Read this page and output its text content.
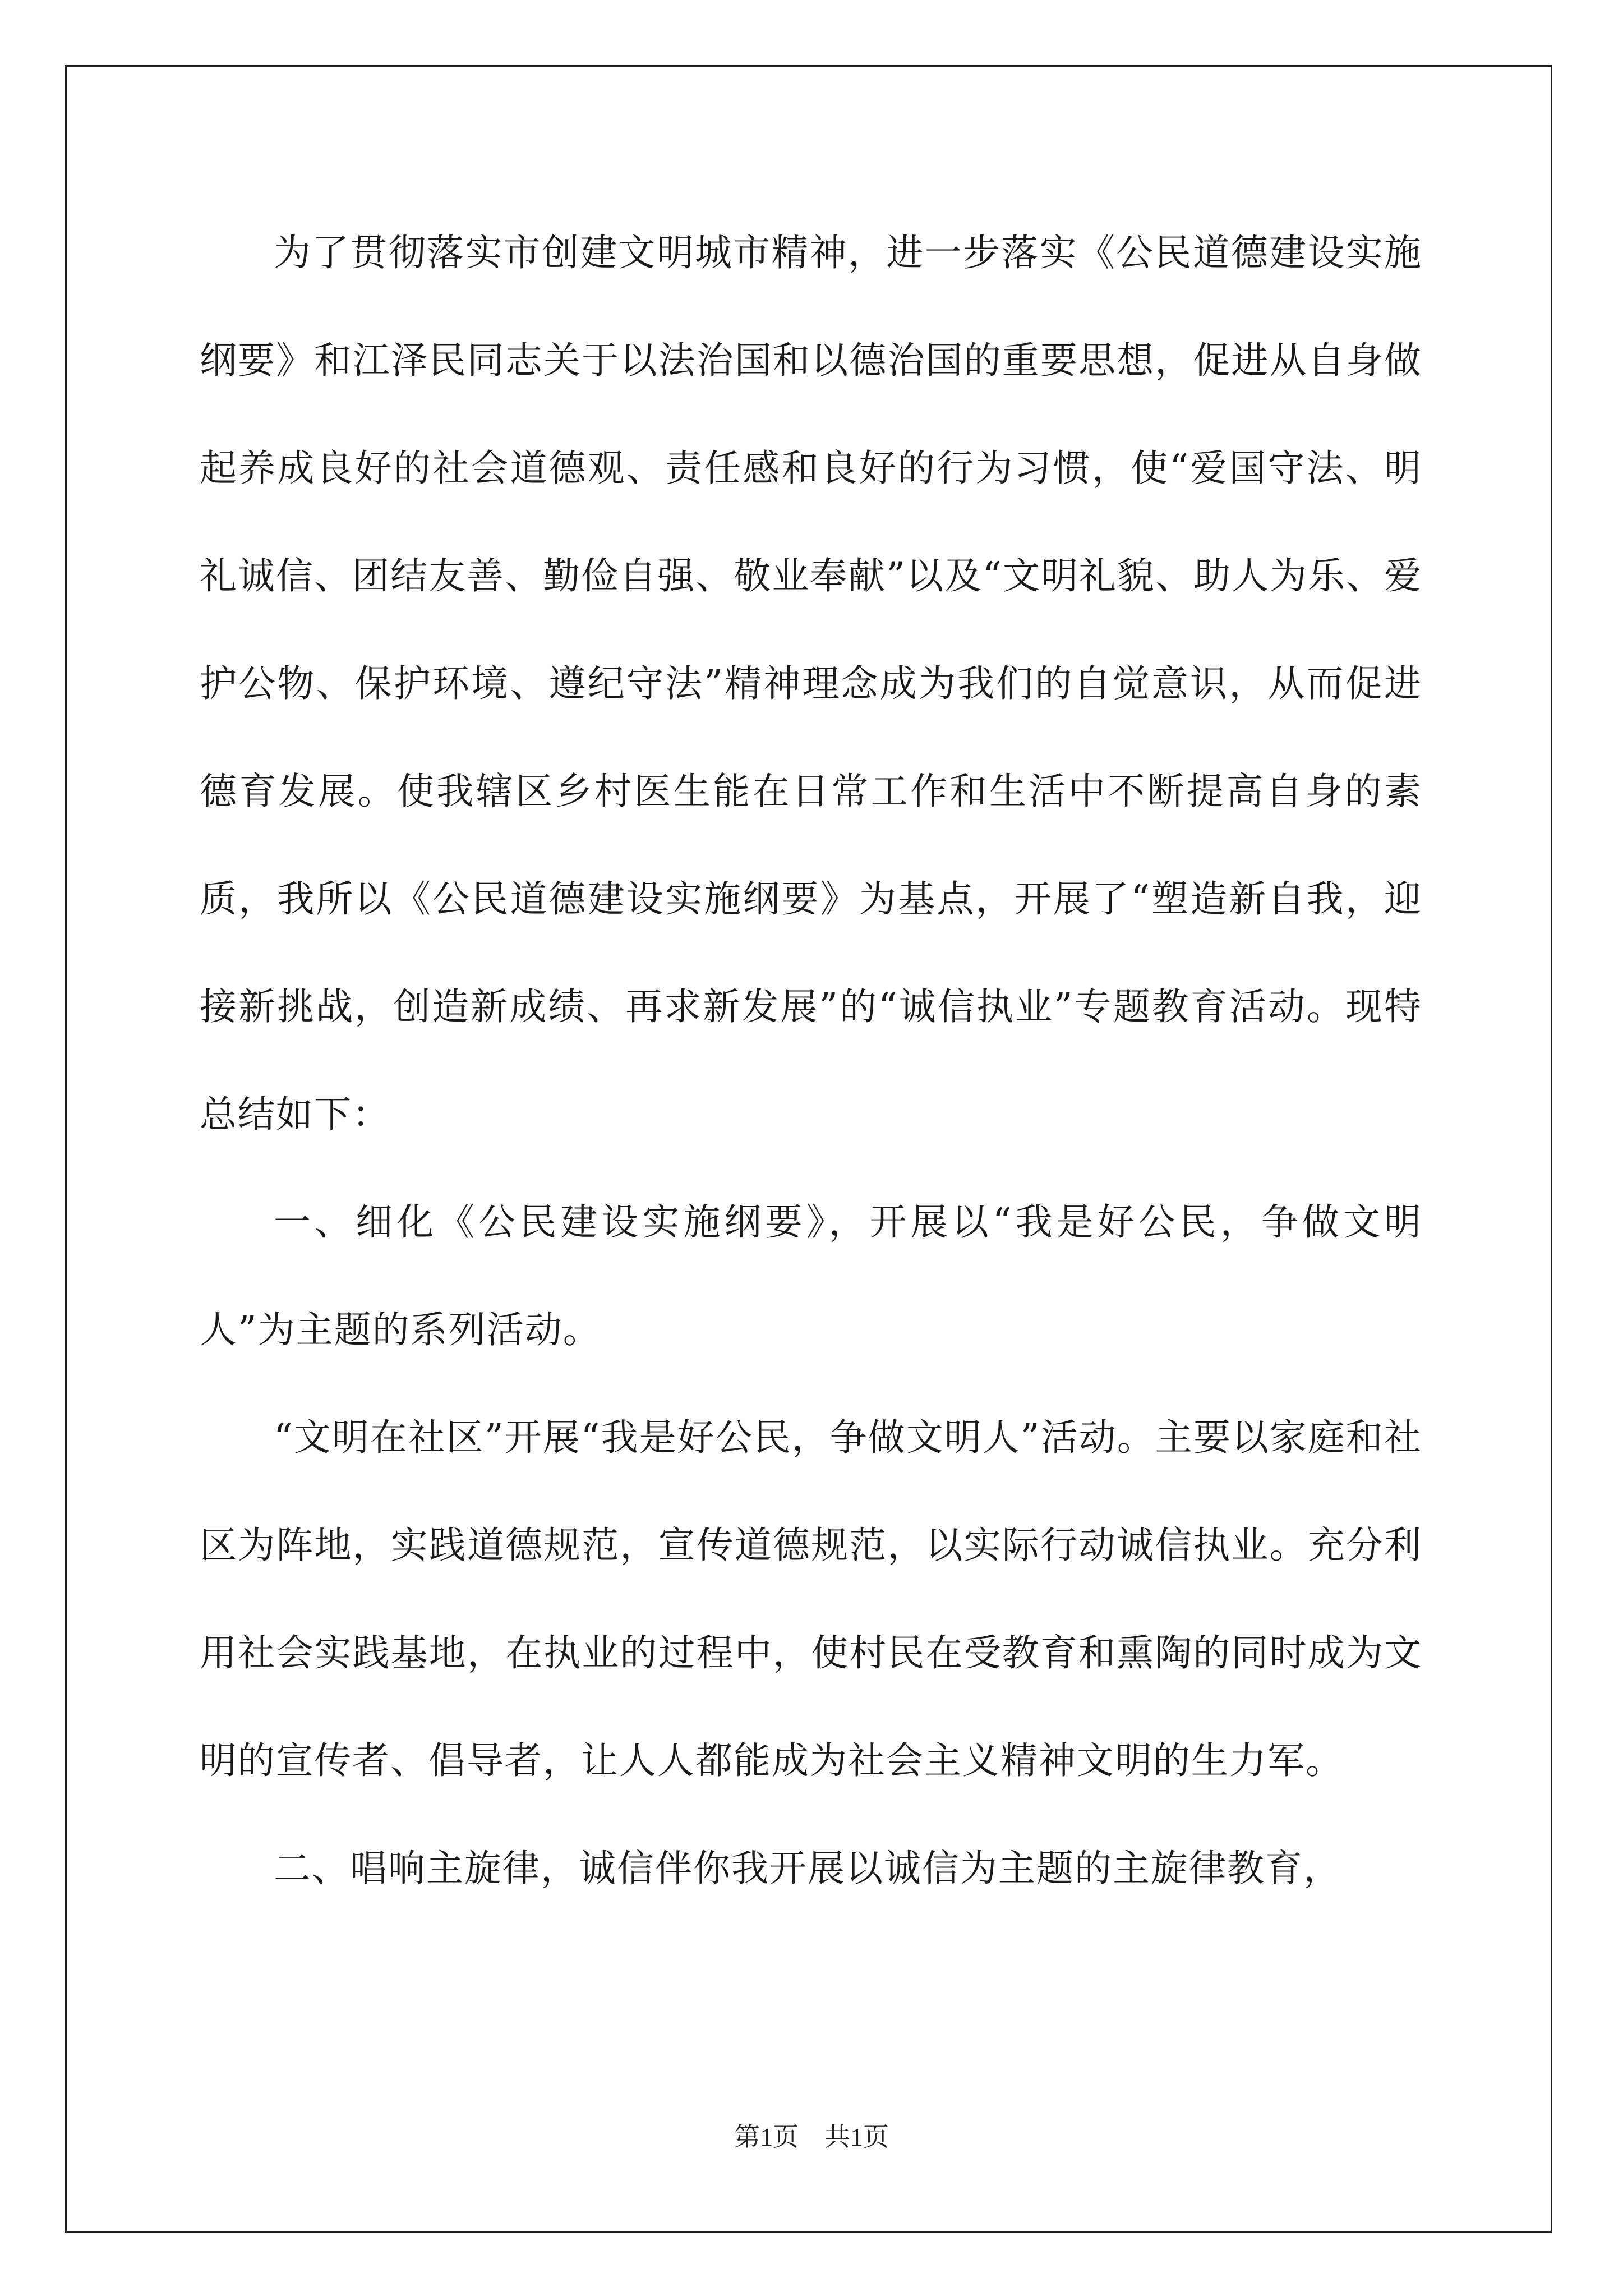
为了贯彻落实市创建文明城市精神，进一步落实《公民道德建设实施纲要》和江泽民同志关于以法治国和以德治国的重要思想，促进从自身做起养成良好的社会道德观、责任感和良好的行为习惯，使“爱国守法、明礼诚信、团结友善、勤俭自强、敬业奉献”以及“文明礼貌、助人为乐、爱护公物、保护环境、遵纪守法”精神理念成为我们的自觉意识，从而促进德育发展。使我辖区乡村医生能在日常工作和生活中不断提高自身的素质，我所以《公民道德建设实施纲要》为基点，开展了“塑造新自我，迎接新挑战，创造新成绩、再求新发展”的“诚信执业”专题教育活动。现特总结如下：

一、细化《公民建设实施纲要》，开展以“我是好公民，争做文明人”为主题的系列活动。

“文明在社区”开展“我是好公民，争做文明人”活动。主要以家庭和社区为阵地，实践道德规范，宣传道德规范，以实际行动诚信执业。充分利用社会实践基地，在执业的过程中，使村民在受教育和熏陶的同时成为文明的宣传者、倡导者，让人人都能成为社会主义精神文明的生力军。

二、唱响主旋律，诚信伴你我开展以诚信为主题的主旋律教育，

第1页 共1页
